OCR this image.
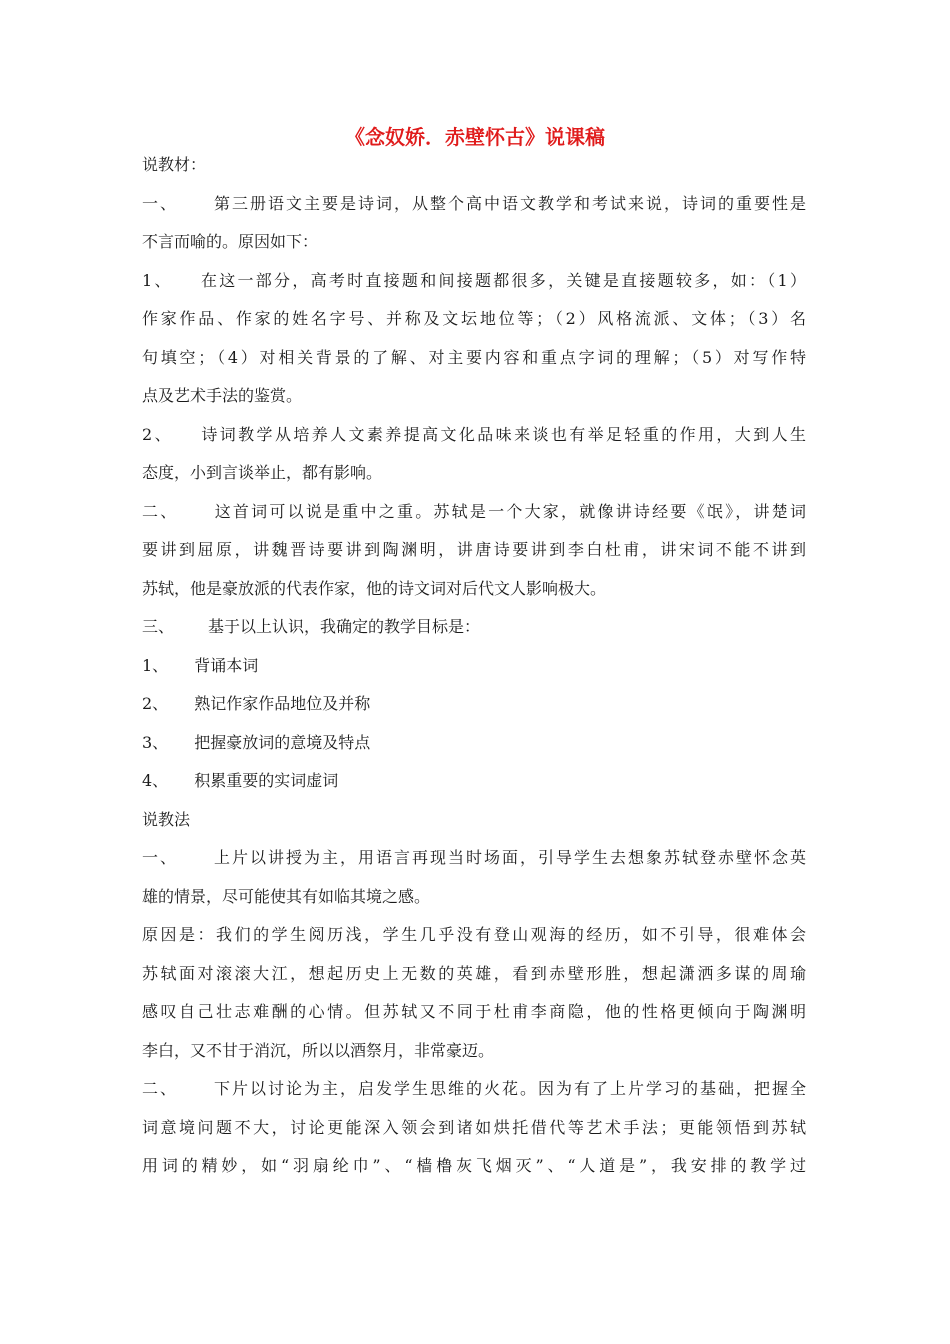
《念奴娇．赤壁怀古》说课稿
说教材：
一、 第三册语文主要是诗词，从整个高中语文教学和考试来说，诗词的重要性是
不言而喻的。原因如下：
1、 在这一部分，高考时直接题和间接题都很多，关键是直接题较多，如：（1）
作家作品、作家的姓名字号、并称及文坛地位等；（2）风格流派、文体；（3）名
句填空；（4）对相关背景的了解、对主要内容和重点字词的理解；（5）对写作特
点及艺术手法的鉴赏。
2、 诗词教学从培养人文素养提高文化品味来谈也有举足轻重的作用，大到人生
态度，小到言谈举止，都有影响。
二、 这首词可以说是重中之重。苏轼是一个大家，就像讲诗经要《氓》，讲楚词
要讲到屈原，讲魏晋诗要讲到陶渊明，讲唐诗要讲到李白杜甫，讲宋词不能不讲到
苏轼，他是豪放派的代表作家，他的诗文词对后代文人影响极大。
三、 基于以上认识，我确定的教学目标是：
1、 背诵本词
2、 熟记作家作品地位及并称
3、 把握豪放词的意境及特点
4、 积累重要的实词虚词
说教法
一、 上片以讲授为主，用语言再现当时场面，引导学生去想象苏轼登赤壁怀念英
雄的情景，尽可能使其有如临其境之感。
原因是：我们的学生阅历浅，学生几乎没有登山观海的经历，如不引导，很难体会
苏轼面对滚滚大江，想起历史上无数的英雄，看到赤壁形胜，想起潇洒多谋的周瑜
感叹自己壮志难酬的心情。但苏轼又不同于杜甫李商隐，他的性格更倾向于陶渊明
李白，又不甘于消沉，所以以酒祭月，非常豪迈。
二、 下片以讨论为主，启发学生思维的火花。因为有了上片学习的基础，把握全
词意境问题不大，讨论更能深入领会到诸如烘托借代等艺术手法；更能领悟到苏轼
用词的精妙，如“羽扇纶巾”、“樯橹灰飞烟灭”、“人道是”，我安排的教学过
